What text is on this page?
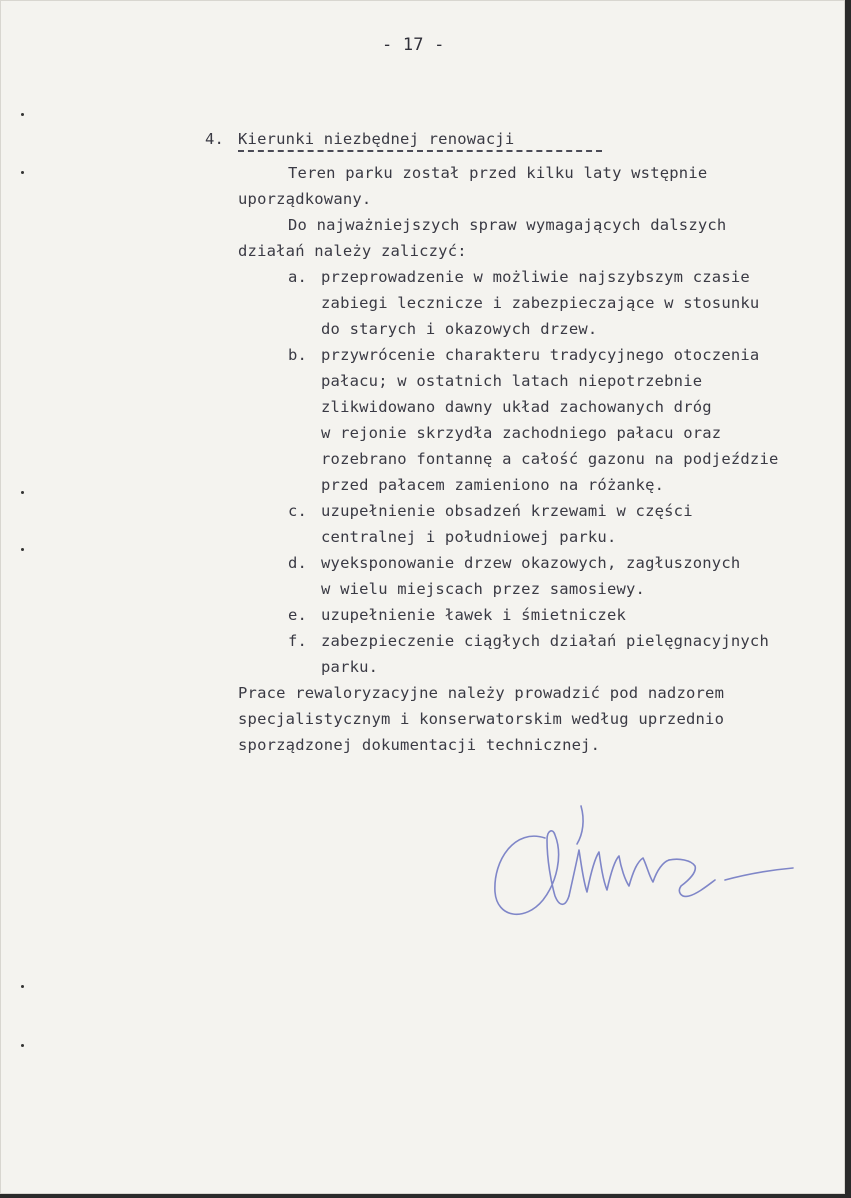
- 17 -
4. Kierunki niezbędnej renowacji
Teren parku został przed kilku laty wstępnie
uporządkowany.
Do najważniejszych spraw wymagających dalszych
działań należy zaliczyć:
a. przeprowadzenie w możliwie najszybszym czasie
zabiegi lecznicze i zabezpieczające w stosunku
do starych i okazowych drzew.
b. przywrócenie charakteru tradycyjnego otoczenia
pałacu; w ostatnich latach niepotrzebnie
zlikwidowano dawny układ zachowanych dróg
w rejonie skrzydła zachodniego pałacu oraz
rozebrano fontannę a całość gazonu na podjeździe
przed pałacem zamieniono na różankę.
c. uzupełnienie obsadzeń krzewami w części
centralnej i południowej parku.
d. wyeksponowanie drzew okazowych, zagłuszonych
w wielu miejscach przez samosiewy.
e. uzupełnienie ławek i śmietniczek
f. zabezpieczenie ciągłych działań pielęgnacyjnych
parku.
Prace rewaloryzacyjne należy prowadzić pod nadzorem
specjalistycznym i konserwatorskim według uprzednio
sporządzonej dokumentacji technicznej.
